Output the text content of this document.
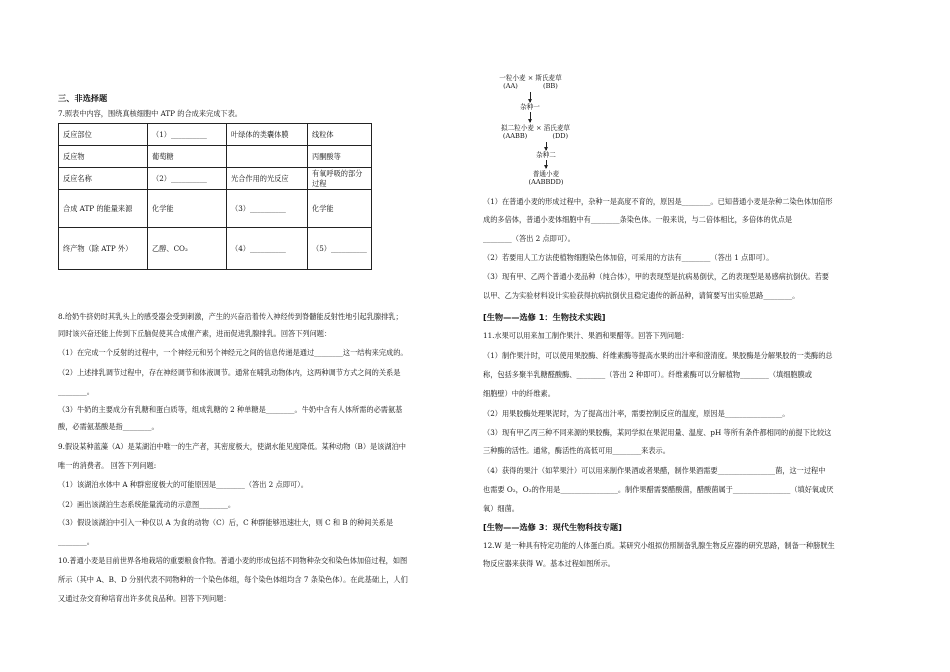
三、非选择题
7.照表中内容，围绕真核细胞中 ATP 的合成来完成下表。
反应部位	（1）__________	叶绿体的类囊体膜	线粒体
反应物	葡萄糖		丙酮酸等
反应名称	（2）__________	光合作用的光反应	有氧呼吸的部分过程
合成 ATP 的能量来源	化学能	（3）__________	化学能
终产物（除 ATP 外）	乙醇、CO₂	（4）__________	（5）__________
8.给奶牛挤奶时其乳头上的感受器会受到刺激，产生的兴奋沿着传入神经传到脊髓能反射性地引起乳腺排乳；
同时该兴奋还能上传到下丘脑促使其合成催产素，进而促进乳腺排乳。回答下列问题：
（1）在完成一个反射的过程中，一个神经元和另个神经元之间的信息传递是通过________这一结构来完成的。
（2）上述排乳调节过程中，存在神经调节和体液调节。通常在哺乳动物体内，这两种调节方式之间的关系是
________。
（3）牛奶的主要成分有乳糖和蛋白质等，组成乳糖的 2 种单糖是________。牛奶中含有人体所需的必需氨基
酸，必需氨基酸是指________。
9.假设某种蓝藻（A）是某湖泊中唯一的生产者，其密度极大，使湖水能见度降低。某种动物（B）是该湖泊中
唯一的消费者。 回答下列问题:
（1）该湖泊水体中 A 种群密度极大的可能原因是________（答出 2 点即可）。
（2）画出该湖泊生态系统能量流动的示意图________。
（3）假设该湖泊中引入一种仅以 A 为食的动物（C）后，C 种群能够迅速壮大，则 C 和 B 的种间关系是
________。
10.普通小麦是目前世界各地栽培的重要粮食作物。普通小麦的形成包括不同物种杂交和染色体加倍过程，如图
所示（其中 A、B、D 分别代表不同物种的一个染色体组，每个染色体组均含 7 条染色体）。在此基础上，人们
又通过杂交育种培育出许多优良品种。回答下列问题：
一粒小麦 × 斯氏麦草
(AA)            (BB)
杂种一
拟二粒小麦 × 滔氏麦草
(AABB)            (DD)
杂种二
普通小麦
(AABBDD)
（1）在普通小麦的形成过程中，杂种一是高度不育的，原因是________。已知普通小麦是杂种二染色体加倍形
成的多倍体，普通小麦体细胞中有________条染色体。一般来说，与二倍体相比，多倍体的优点是
________（答出 2 点即可）。
（2）若要用人工方法使植物细胞染色体加倍，可采用的方法有________（答出 1 点即可）。
（3）现有甲、乙两个普通小麦品种（纯合体），甲的表现型是抗病易倒伏，乙的表现型是易感病抗倒伏。若要
以甲、乙为实验材料设计实验获得抗病抗倒伏且稳定遗传的新品种，请简要写出实验思路________。
[生物——选修 1：生物技术实践]
11.水果可以用来加工制作果汁、果酒和果醋等。回答下列问题：
（1）制作果汁时，可以使用果胶酶、纤维素酶等提高水果的出汁率和澄清度。果胶酶是分解果胶的一类酶的总
称，包括多聚半乳糖醛酸酶、________（答出 2 种即可）。纤维素酶可以分解植物________（填细胞膜或
细胞壁）中的纤维素。
（2）用果胶酶处理果泥时，为了提高出汁率，需要控制反应的温度，原因是________________。
（3）现有甲乙丙三种不同来源的果胶酶，某同学拟在果泥用量、温度、pH 等所有条件都相同的前提下比较这
三种酶的活性。通常，酶活性的高低可用________来表示。
（4）获得的果汁（如苹果汁）可以用来制作果酒或者果醋，制作果酒需要________________菌，这一过程中
也需要 O₂，O₂的作用是________________。制作果醋需要醋酸菌，醋酸菌属于________________（填好氧或厌
氧）细菌。
[生物——选修 3：现代生物科技专题]
12.W 是一种具有特定功能的人体蛋白质。某研究小组拟仿照制备乳腺生物反应器的研究思路，制备一种膀胱生
物反应器来获得 W。基本过程如图所示。
